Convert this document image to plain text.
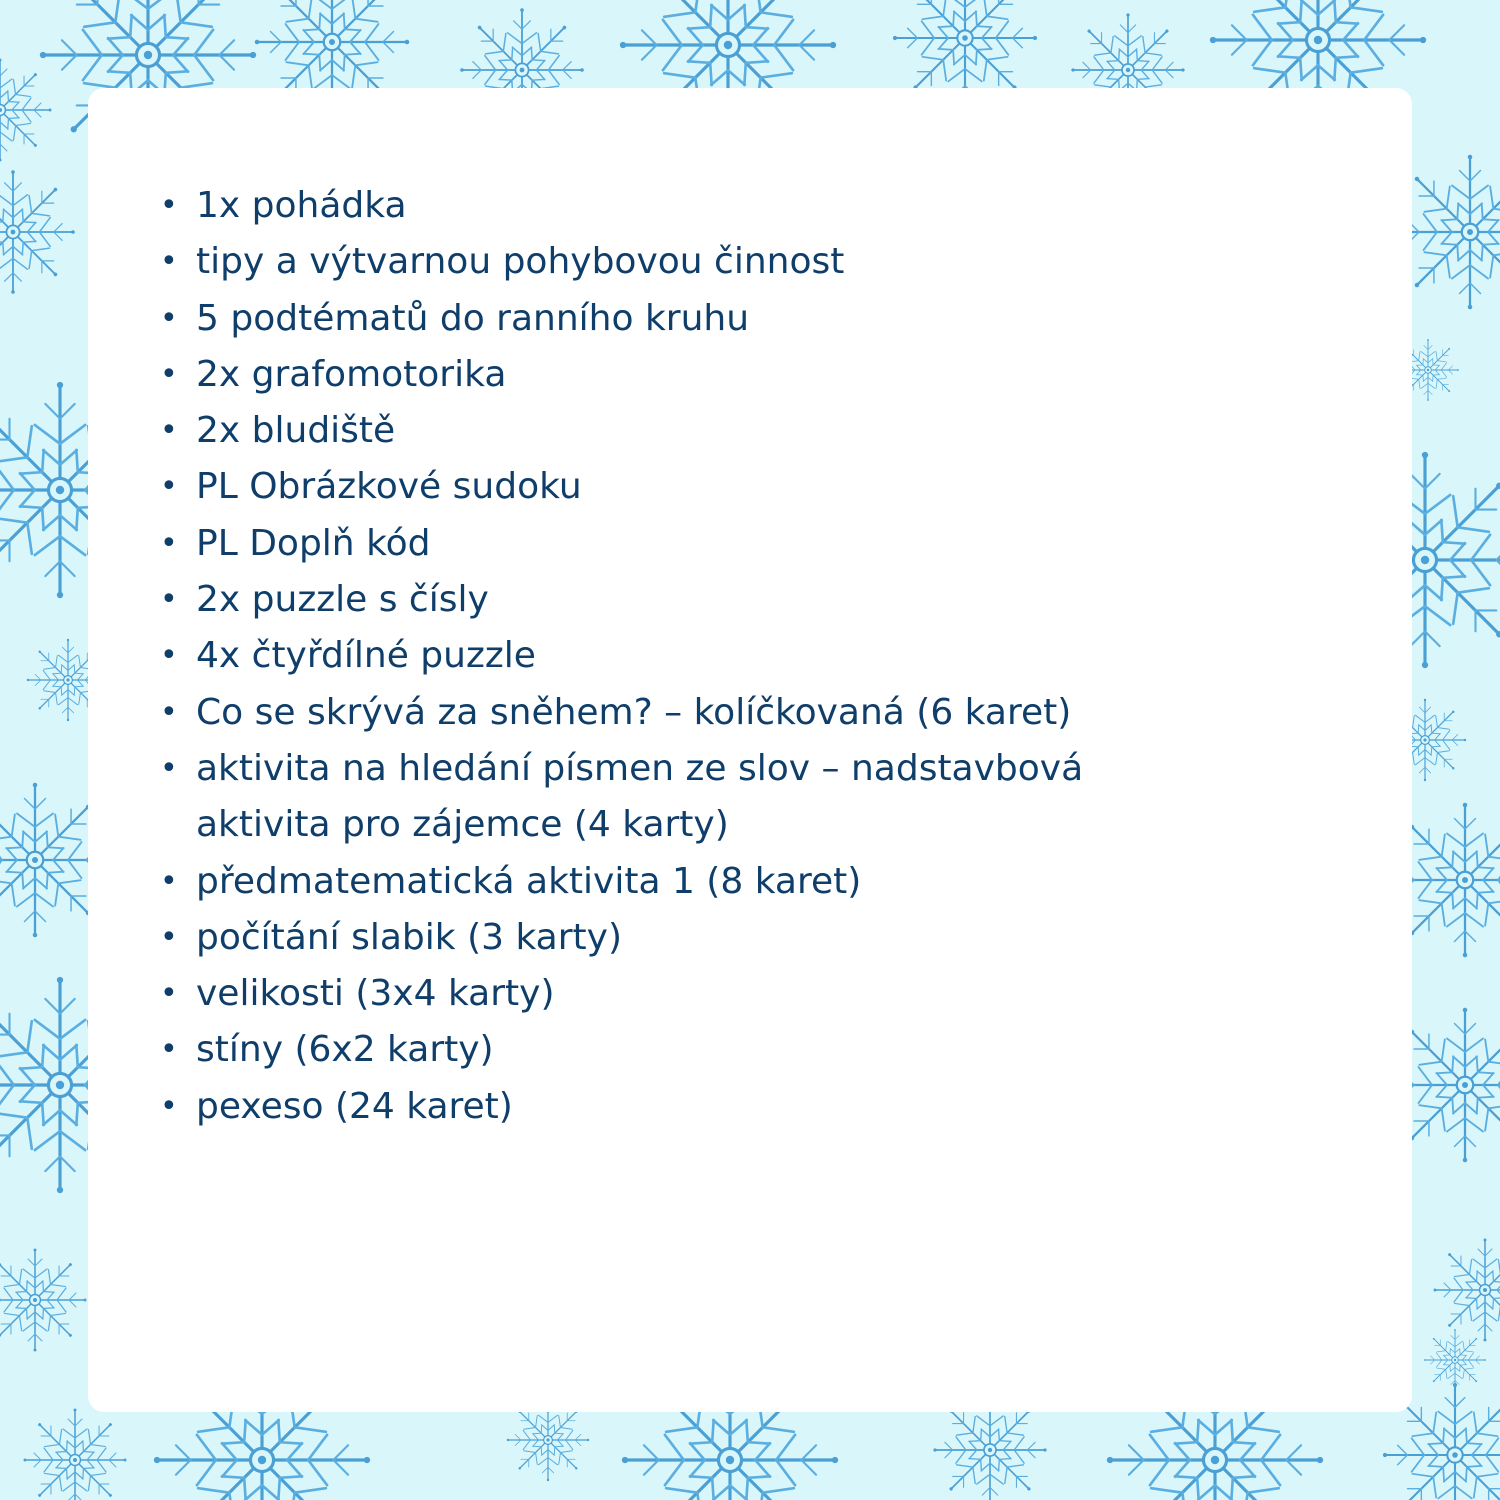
• 1x pohádka
• tipy a výtvarnou pohybovou činnost
• 5 podtématů do ranního kruhu
• 2x grafomotorika
• 2x bludiště
• PL Obrázkové sudoku
• PL Doplň kód
• 2x puzzle s čísly
• 4x čtyřdílné puzzle
• Co se skrývá za sněhem? – kolíčkovaná (6 karet)
• aktivita na hledání písmen ze slov – nadstavbová aktivita pro zájemce (4 karty)
• předmatematická aktivita 1 (8 karet)
• počítání slabik (3 karty)
• velikosti (3x4 karty)
• stíny (6x2 karty)
• pexeso (24 karet)
